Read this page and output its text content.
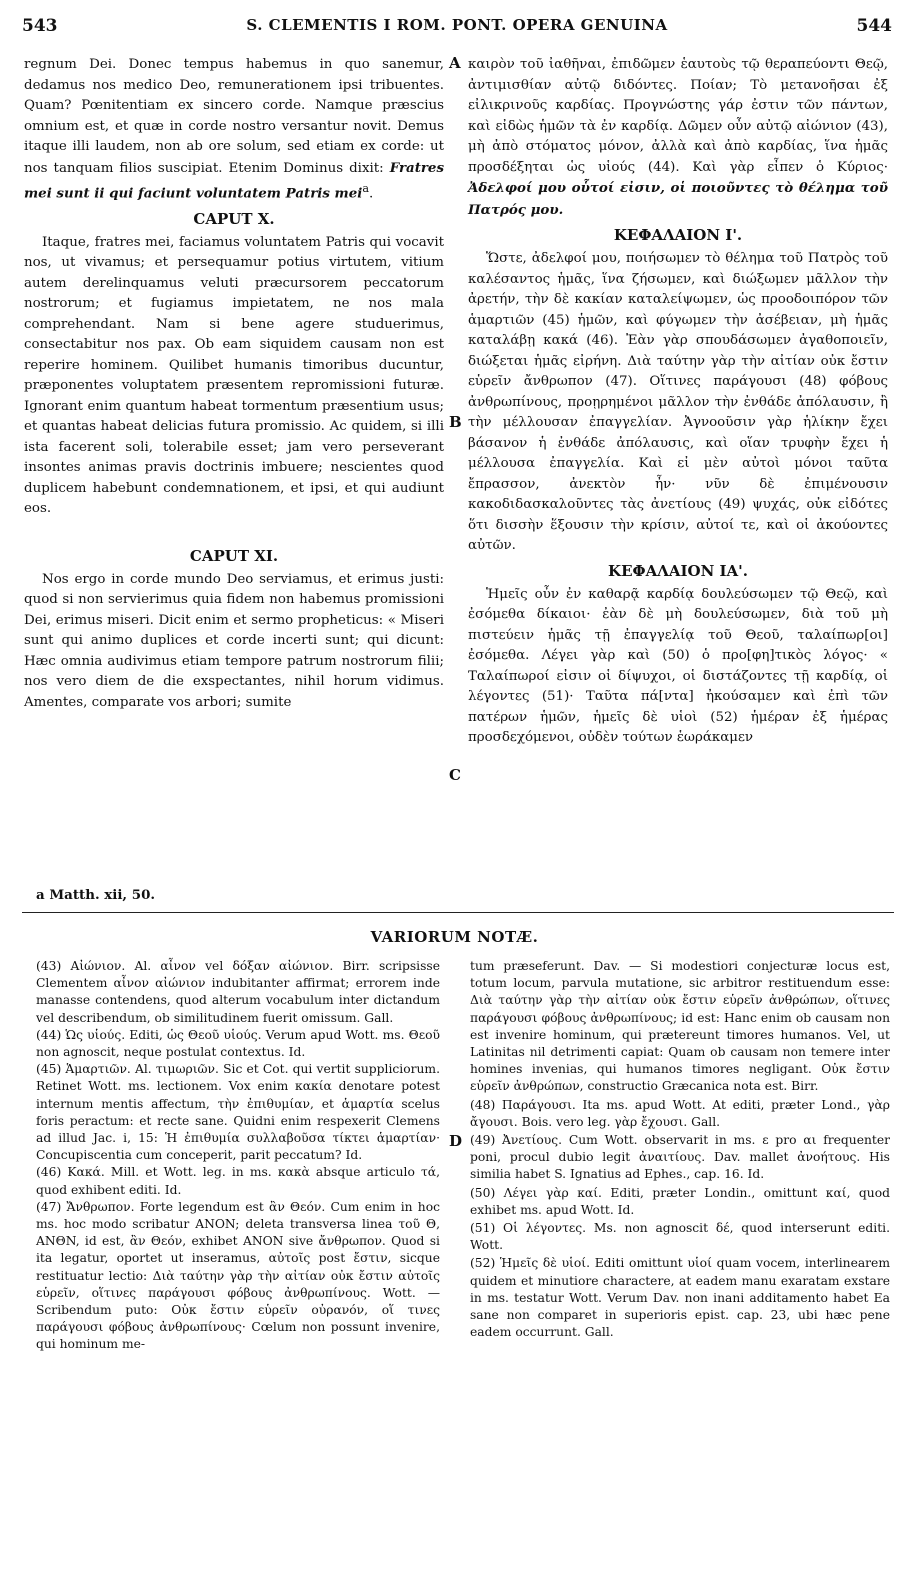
543	S. CLEMENTIS I ROM. PONT. OPERA GENUINA	544

regnum Dei. Donec tempus habemus in quo sanemur, dedamus nos medico Deo, remunerationem ipsi tribuentes. Quam? Pœnitentiam ex sincero corde. Namque præscius omnium est, et quæ in corde nostro versantur novit. Demus itaque illi laudem, non ab ore solum, sed etiam ex corde: ut nos tanquam filios suscipiat. Etenim Dominus dixit: Fratres mei sunt ii qui faciunt voluntatem Patris mei$^a$.

CAPUT X.

Itaque, fratres mei, faciamus voluntatem Patris qui vocavit nos, ut vivamus; et persequamur potius virtutem, vitium autem derelinquamus veluti præcursorem peccatorum nostrorum; et fugiamus impietatem, ne nos mala comprehendant. Nam si bene agere studuerimus, consectabitur nos pax. Ob eam siquidem causam non est reperire hominem. Quilibet humanis timoribus ducuntur, præponentes voluptatem præsentem repromissioni futuræ. Ignorant enim quantum habeat tormentum præsentium usus; et quantas habeat delicias futura promissio. Ac quidem, si illi ista facerent soli, tolerabile esset; jam vero perseverant insontes animas pravis doctrinis imbuere; nescientes quod duplicem habebunt condemnationem, et ipsi, et qui audiunt eos.

CAPUT XI.

Nos ergo in corde mundo Deo serviamus, et erimus justi: quod si non servierimus quia fidem non habemus promissioni Dei, erimus miseri. Dicit enim et sermo propheticus: « Miseri sunt qui animo duplices et corde incerti sunt; qui dicunt: Hæc omnia audivimus etiam tempore patrum nostrorum filii; nos vero diem de die exspectantes, nihil horum vidimus. Amentes, comparate vos arbori; sumite

καιρὸν τοῦ ἰαθῆναι, ἐπιδῶμεν ἑαυτοὺς τῷ θεραπεύοντι Θεῷ, ἀντιμισθίαν αὐτῷ διδόντες. Ποίαν; Τὸ μετανοῆσαι ἐξ εἰλικρινοῦς καρδίας. Προγνώστης γάρ ἐστιν τῶν πάντων, καὶ εἰδὼς ἡμῶν τὰ ἐν καρδίᾳ. Δῶμεν οὖν αὐτῷ αἰώνιον (43), μὴ ἀπὸ στόματος μόνον, ἀλλὰ καὶ ἀπὸ καρδίας, ἵνα ἡμᾶς προσδέξηται ὡς υἱούς (44). Καὶ γὰρ εἶπεν ὁ Κύριος· Ἀδελφοί μου οὗτοί εἰσιν, οἱ ποιοῦντες τὸ θέλημα τοῦ Πατρός μου.

ΚΕΦΑΛΑΙΟΝ Ι'.

Ὥστε, ἀδελφοί μου, ποιήσωμεν τὸ θέλημα τοῦ Πατρὸς τοῦ καλέσαντος ἡμᾶς, ἵνα ζήσωμεν, καὶ διώξωμεν μᾶλλον τὴν ἀρετήν, τὴν δὲ κακίαν καταλείψωμεν, ὡς προοδοιπόρον τῶν ἁμαρτιῶν (45) ἡμῶν, καὶ φύγωμεν τὴν ἀσέβειαν, μὴ ἡμᾶς καταλάβῃ κακά (46). Ἐὰν γὰρ σπουδάσωμεν ἀγαθοποιεῖν, διώξεται ἡμᾶς εἰρήνη. Διὰ ταύτην γὰρ τὴν αἰτίαν οὐκ ἔστιν εὑρεῖν ἄνθρωπον (47). Οἵτινες παράγουσι (48) φόβους ἀνθρωπίνους, προῃρημένοι μᾶλλον τὴν ἐνθάδε ἀπόλαυσιν, ἢ τὴν μέλλουσαν ἐπαγγελίαν. Ἀγνοοῦσιν γὰρ ἡλίκην ἔχει βάσανον ἡ ἐνθάδε ἀπόλαυσις, καὶ οἵαν τρυφὴν ἔχει ἡ μέλλουσα ἐπαγγελία. Καὶ εἰ μὲν αὐτοὶ μόνοι ταῦτα ἔπρασσον, ἀνεκτὸν ἦν· νῦν δὲ ἐπιμένουσιν κακοδιδασκαλοῦντες τὰς ἀνετίους (49) ψυχάς, οὐκ εἰδότες ὅτι δισσὴν ἕξουσιν τὴν κρίσιν, αὐτοί τε, καὶ οἱ ἀκούοντες αὐτῶν.

ΚΕΦΑΛΑΙΟΝ ΙΑ'.

Ἡμεῖς οὖν ἐν καθαρᾷ καρδίᾳ δουλεύσωμεν τῷ Θεῷ, καὶ ἐσόμεθα δίκαιοι· ἐὰν δὲ μὴ δουλεύσωμεν, διὰ τοῦ μὴ πιστεύειν ἡμᾶς τῇ ἐπαγγελίᾳ τοῦ Θεοῦ, ταλαίπωρ[οι] ἐσόμεθα. Λέγει γὰρ καὶ (50) ὁ προ[φη]τικὸς λόγος· « Ταλαίπωροί εἰσιν οἱ δίψυχοι, οἱ διστάζοντες τῇ καρδίᾳ, οἱ λέγοντες (51)· Ταῦτα πά[ντα] ἠκούσαμεν καὶ ἐπὶ τῶν πατέρων ἡμῶν, ἡμεῖς δὲ υἱοὶ (52) ἡμέραν ἐξ ἡμέρας προσδεχόμενοι, οὐδὲν τούτων ἑωράκαμεν

A
B
C
D
a Matth. xii, 50.
VARIORUM NOTÆ.

(43) Αἰώνιον. Al. αἶνον vel δόξαν αἰώνιον. Birr. scripsisse Clementem αἶνον αἰώνιον indubitanter affirmat; errorem inde manasse contendens, quod alterum vocabulum inter dictandum vel describendum, ob similitudinem fuerit omissum. Gall.

(44) Ὡς υἱούς. Editi, ὡς Θεοῦ υἱούς. Verum apud Wott. ms. Θεοῦ non agnoscit, neque postulat contextus. Id.

(45) Ἁμαρτιῶν. Al. τιμωριῶν. Sic et Cot. qui vertit suppliciorum. Retinet Wott. ms. lectionem. Vox enim κακία denotare potest internum mentis affectum, τὴν ἐπιθυμίαν, et ἁμαρτία scelus foris peractum: et recte sane. Quidni enim respexerit Clemens ad illud Jac. i, 15: Ἡ ἐπιθυμία συλλαβοῦσα τίκτει ἁμαρτίαν· Concupiscentia cum conceperit, parit peccatum? Id.

(46) Κακά. Mill. et Wott. leg. in ms. κακὰ absque articulo τά, quod exhibent editi. Id.

(47) Ἄνθρωπον. Forte legendum est ἂν Θεόν. Cum enim in hoc ms. hoc modo scribatur ANON; deleta transversa linea τοῦ Θ, ANΘN, id est, ἂν Θεόν, exhibet ANON sive ἄνθρωπον. Quod si ita legatur, oportet ut inseramus, αὐτοῖς post ἔστιν, sicque restituatur lectio: Διὰ ταύτην γὰρ τὴν αἰτίαν οὐκ ἔστιν αὐτοῖς εὑρεῖν, οἵτινες παράγουσι φόβους ἀνθρωπίνους. Wott. — Scribendum puto: Οὐκ ἔστιν εὑρεῖν οὐρανόν, οἵ τινες παράγουσι φόβους ἀνθρωπίνους· Cœlum non possunt invenire, qui hominum me-

tum præseferunt. Dav. — Si modestiori conjecturæ locus est, totum locum, parvula mutatione, sic arbitror restituendum esse: Διὰ ταύτην γὰρ τὴν αἰτίαν οὐκ ἔστιν εὑρεῖν ἀνθρώπων, οἵτινες παράγουσι φόβους ἀνθρωπίνους; id est: Hanc enim ob causam non est invenire hominum, qui prætereunt timores humanos. Vel, ut Latinitas nil detrimenti capiat: Quam ob causam non temere inter homines invenias, qui humanos timores negligant. Οὐκ ἔστιν εὑρεῖν ἀνθρώπων, constructio Græcanica nota est. Birr.

(48) Παράγουσι. Ita ms. apud Wott. At editi, præter Lond., γὰρ ἄγουσι. Bois. vero leg. γὰρ ἔχουσι. Gall.

(49) Ἀνετίους. Cum Wott. observarit in ms. ε pro αι frequenter poni, procul dubio legit ἀναιτίους. Dav. mallet ἀνοήτους. His similia habet S. Ignatius ad Ephes., cap. 16. Id.

(50) Λέγει γὰρ καί. Editi, præter Londin., omittunt καί, quod exhibet ms. apud Wott. Id.

(51) Οἱ λέγοντες. Ms. non agnoscit δέ, quod interserunt editi. Wott.

(52) Ἡμεῖς δὲ υἱοί. Editi omittunt υἱοί quam vocem, interlinearem quidem et minutiore charactere, at eadem manu exaratam exstare in ms. testatur Wott. Verum Dav. non inani additamento habet Ea sane non comparet in superioris epist. cap. 23, ubi hæc pene eadem occurrunt. Gall.
